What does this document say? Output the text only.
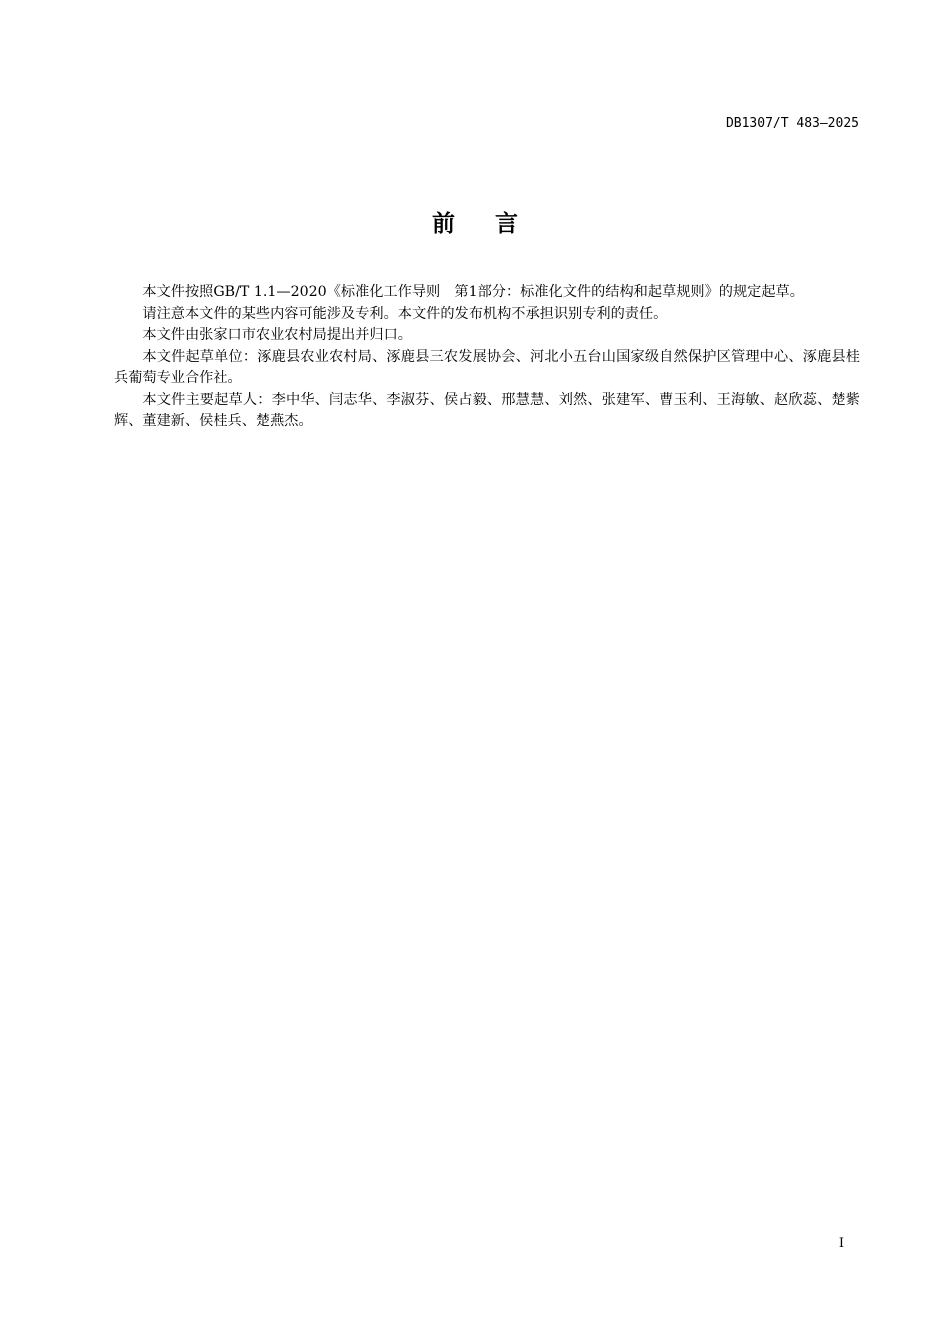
DB1307/T 483—2025
前言

本文件按照GB/T 1.1—2020《标准化工作导则　第1部分：标准化文件的结构和起草规则》的规定起草。

请注意本文件的某些内容可能涉及专利。本文件的发布机构不承担识别专利的责任。

本文件由张家口市农业农村局提出并归口。

本文件起草单位：涿鹿县农业农村局、涿鹿县三农发展协会、河北小五台山国家级自然保护区管理中心、涿鹿县桂兵葡萄专业合作社。

本文件主要起草人：李中华、闫志华、李淑芬、侯占毅、邢慧慧、刘然、张建军、曹玉利、王海敏、赵欣蕊、楚紫辉、董建新、侯桂兵、楚燕杰。

I
